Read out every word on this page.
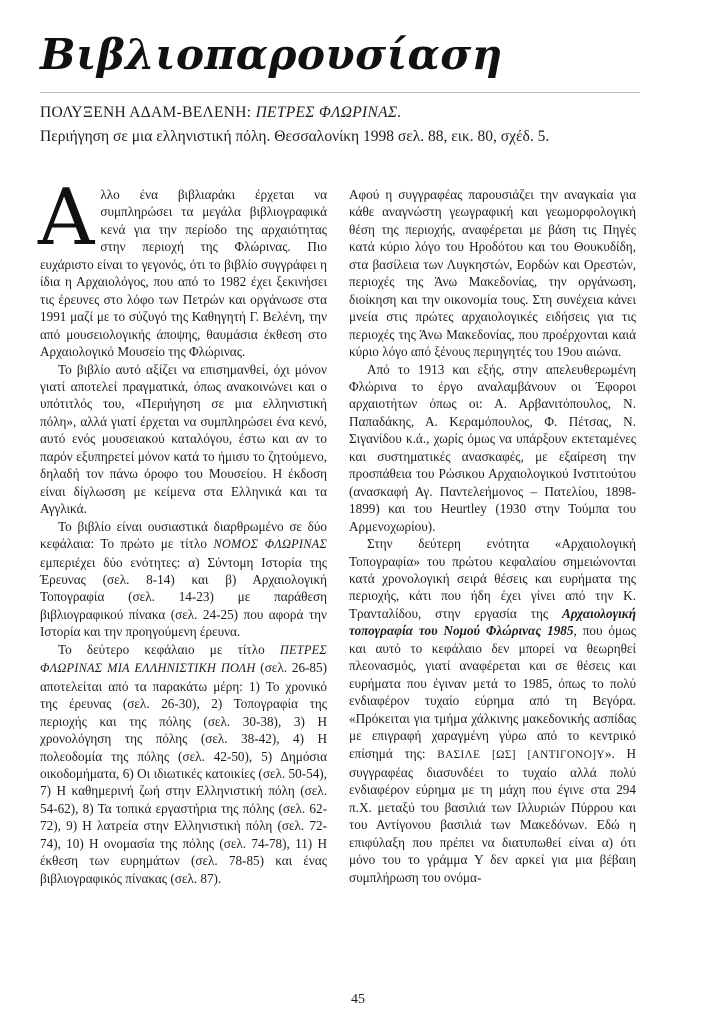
Βιβλιοπαρουσίαση

ΠΟΛΥΞΕΝΗ ΑΔΑΜ-ΒΕΛΕΝΗ: ΠΕΤΡΕΣ ΦΛΩΡΙΝΑΣ.

Περιήγηση σε μια ελληνιστική πόλη. Θεσσαλονίκη 1998 σελ. 88, εικ. 80, σχέδ. 5.

Αλλο ένα βιβλιαράκι έρχεται να συμπληρώσει τα μεγάλα βιβλιογραφικά κενά για την περίοδο της αρχαιότητας στην περιοχή της Φλώρινας. Πιο ευχάριστο είναι το γεγονός, ότι το βιβλίο συγγράφει η ίδια η Αρχαιολόγος, που από το 1982 έχει ξεκινήσει τις έρευνες στο λόφο των Πετρών και οργάνωσε στα 1991 μαζί με το σύζυγό της Καθηγητή Γ. Βελένη, την από μουσειολογικής άποψης, θαυμάσια έκθεση στο Αρχαιολογικό Μουσείο της Φλώρινας.

Το βιβλίο αυτό αξίζει να επισημανθεί, όχι μόνον γιατί αποτελεί πραγματικά, όπως ανακοινώνει και ο υπότιτλός του, «Περιήγηση σε μια ελληνιστική πόλη», αλλά γιατί έρχεται να συμπληρώσει ένα κενό, αυτό ενός μουσειακού καταλόγου, έστω και αν το παρόν εξυπηρετεί μόνον κατά το ήμισυ το ζητούμενο, δηλαδή τον πάνω όροφο του Μουσείου. Η έκδοση είναι δίγλωσση με κείμενα στα Ελληνικά και τα Αγγλικά.

Το βιβλίο είναι ουσιαστικά διαρθρωμένο σε δύο κεφάλαια: Το πρώτο με τίτλο ΝΟΜΟΣ ΦΛΩΡΙΝΑΣ εμπεριέχει δύο ενότητες: α) Σύντομη Ιστορία της Έρευνας (σελ. 8-14) και β) Αρχαιολογική Τοπογραφία (σελ. 14-23) με παράθεση βιβλιογραφικού πίνακα (σελ. 24-25) που αφορά την Ιστορία και την προηγούμενη έρευνα.

Το δεύτερο κεφάλαιο με τίτλο ΠΕΤΡΕΣ ΦΛΩΡΙΝΑΣ ΜΙΑ ΕΛΛΗΝΙΣΤΙΚΗ ΠΟΛΗ (σελ. 26-85) αποτελείται από τα παρακάτω μέρη: 1) Το χρονικό της έρευνας (σελ. 26-30), 2) Τοπογραφία της περιοχής και της πόλης (σελ. 30-38), 3) Η χρονολόγηση της πόλης (σελ. 38-42), 4) Η πολεοδομία της πόλης (σελ. 42-50), 5) Δημόσια οικοδομήματα, 6) Οι ιδιωτικές κατοικίες (σελ. 50-54), 7) Η καθημερινή ζωή στην Ελληνιστική πόλη (σελ. 54-62), 8) Τα τοπικά εργαστήρια της πόλης (σελ. 62-72), 9) Η λατρεία στην Ελληνιστική πόλη (σελ. 72-74), 10) Η ονομασία της πόλης (σελ. 74-78), 11) Η έκθεση των ευρημάτων (σελ. 78-85) και ένας βιβλιογραφικός πίνακας (σελ. 87).

Αφού η συγγραφέας παρουσιάζει την αναγκαία για κάθε αναγνώστη γεωγραφική και γεωμορφολογική θέση της περιοχής, αναφέρεται με βάση τις Πηγές κατά κύριο λόγο του Ηροδότου και του Θουκυδίδη, στα βασίλεια των Λυγκηστών, Εορδών και Ορεστών, περιοχές της Άνω Μακεδονίας, την οργάνωση, διοίκηση και την οικονομία τους. Στη συνέχεια κάνει μνεία στις πρώτες αρχαιολογικές ειδήσεις για τις περιοχές της Άνω Μακεδονίας, που προέρχονται καιά κύριο λόγο από ξένους περιηγητές του 19ου αιώνα.

Από το 1913 και εξής, στην απελευθερωμένη Φλώρινα το έργο αναλαμβάνουν οι Έφοροι αρχαιοτήτων όπως οι: Α. Αρβανιτόπουλος, Ν. Παπαδάκης, Α. Κεραμόπουλος, Φ. Πέτσας, Ν. Σιγανίδου κ.ά., χωρίς όμως να υπάρξουν εκτεταμένες και συστηματικές ανασκαφές, με εξαίρεση την προσπάθεια του Ρώσικου Αρχαιολογικού Ινστιτούτου (ανασκαφή Αγ. Παντελεήμονος – Πατελίου, 1898-1899) και του Heurtley (1930 στην Τούμπα του Αρμενοχωρίου).

Στην δεύτερη ενότητα «Αρχαιολογική Τοπογραφία» του πρώτου κεφαλαίου σημειώνονται κατά χρονολογική σειρά θέσεις και ευρήματα της περιοχής, κάτι που ήδη έχει γίνει από την Κ. Τρανταλίδου, στην εργασία της Αρχαιολογική τοπογραφία του Νομού Φλώρινας 1985, που όμως και αυτό το κεφάλαιο δεν μπορεί να θεωρηθεί πλεονασμός, γιατί αναφέρεται και σε θέσεις και ευρήματα που έγιναν μετά το 1985, όπως το πολύ ενδιαφέρον τυχαίο εύρημα από τη Βεγόρα. «Πρόκειται για τμήμα χάλκινης μακεδονικής ασπίδας με επιγραφή χαραγμένη γύρω από το κεντρικό επίσημά της: ΒΑΣΙΛΕ [ΩΣ] [ΑΝΤΙΓΟΝΟ]Υ». Η συγγραφέας διασυνδέει το τυχαίο αλλά πολύ ενδιαφέρον εύρημα με τη μάχη που έγινε στα 294 π.Χ. μεταξύ του βασιλιά των Ιλλυριών Πύρρου και του Αντίγονου βασιλιά των Μακεδόνων. Εδώ η επιφύλαξη που πρέπει να διατυπωθεί είναι α) ότι μόνο του το γράμμα Υ δεν αρκεί για μια βέβαιη συμπλήρωση του ονόμα-

45
